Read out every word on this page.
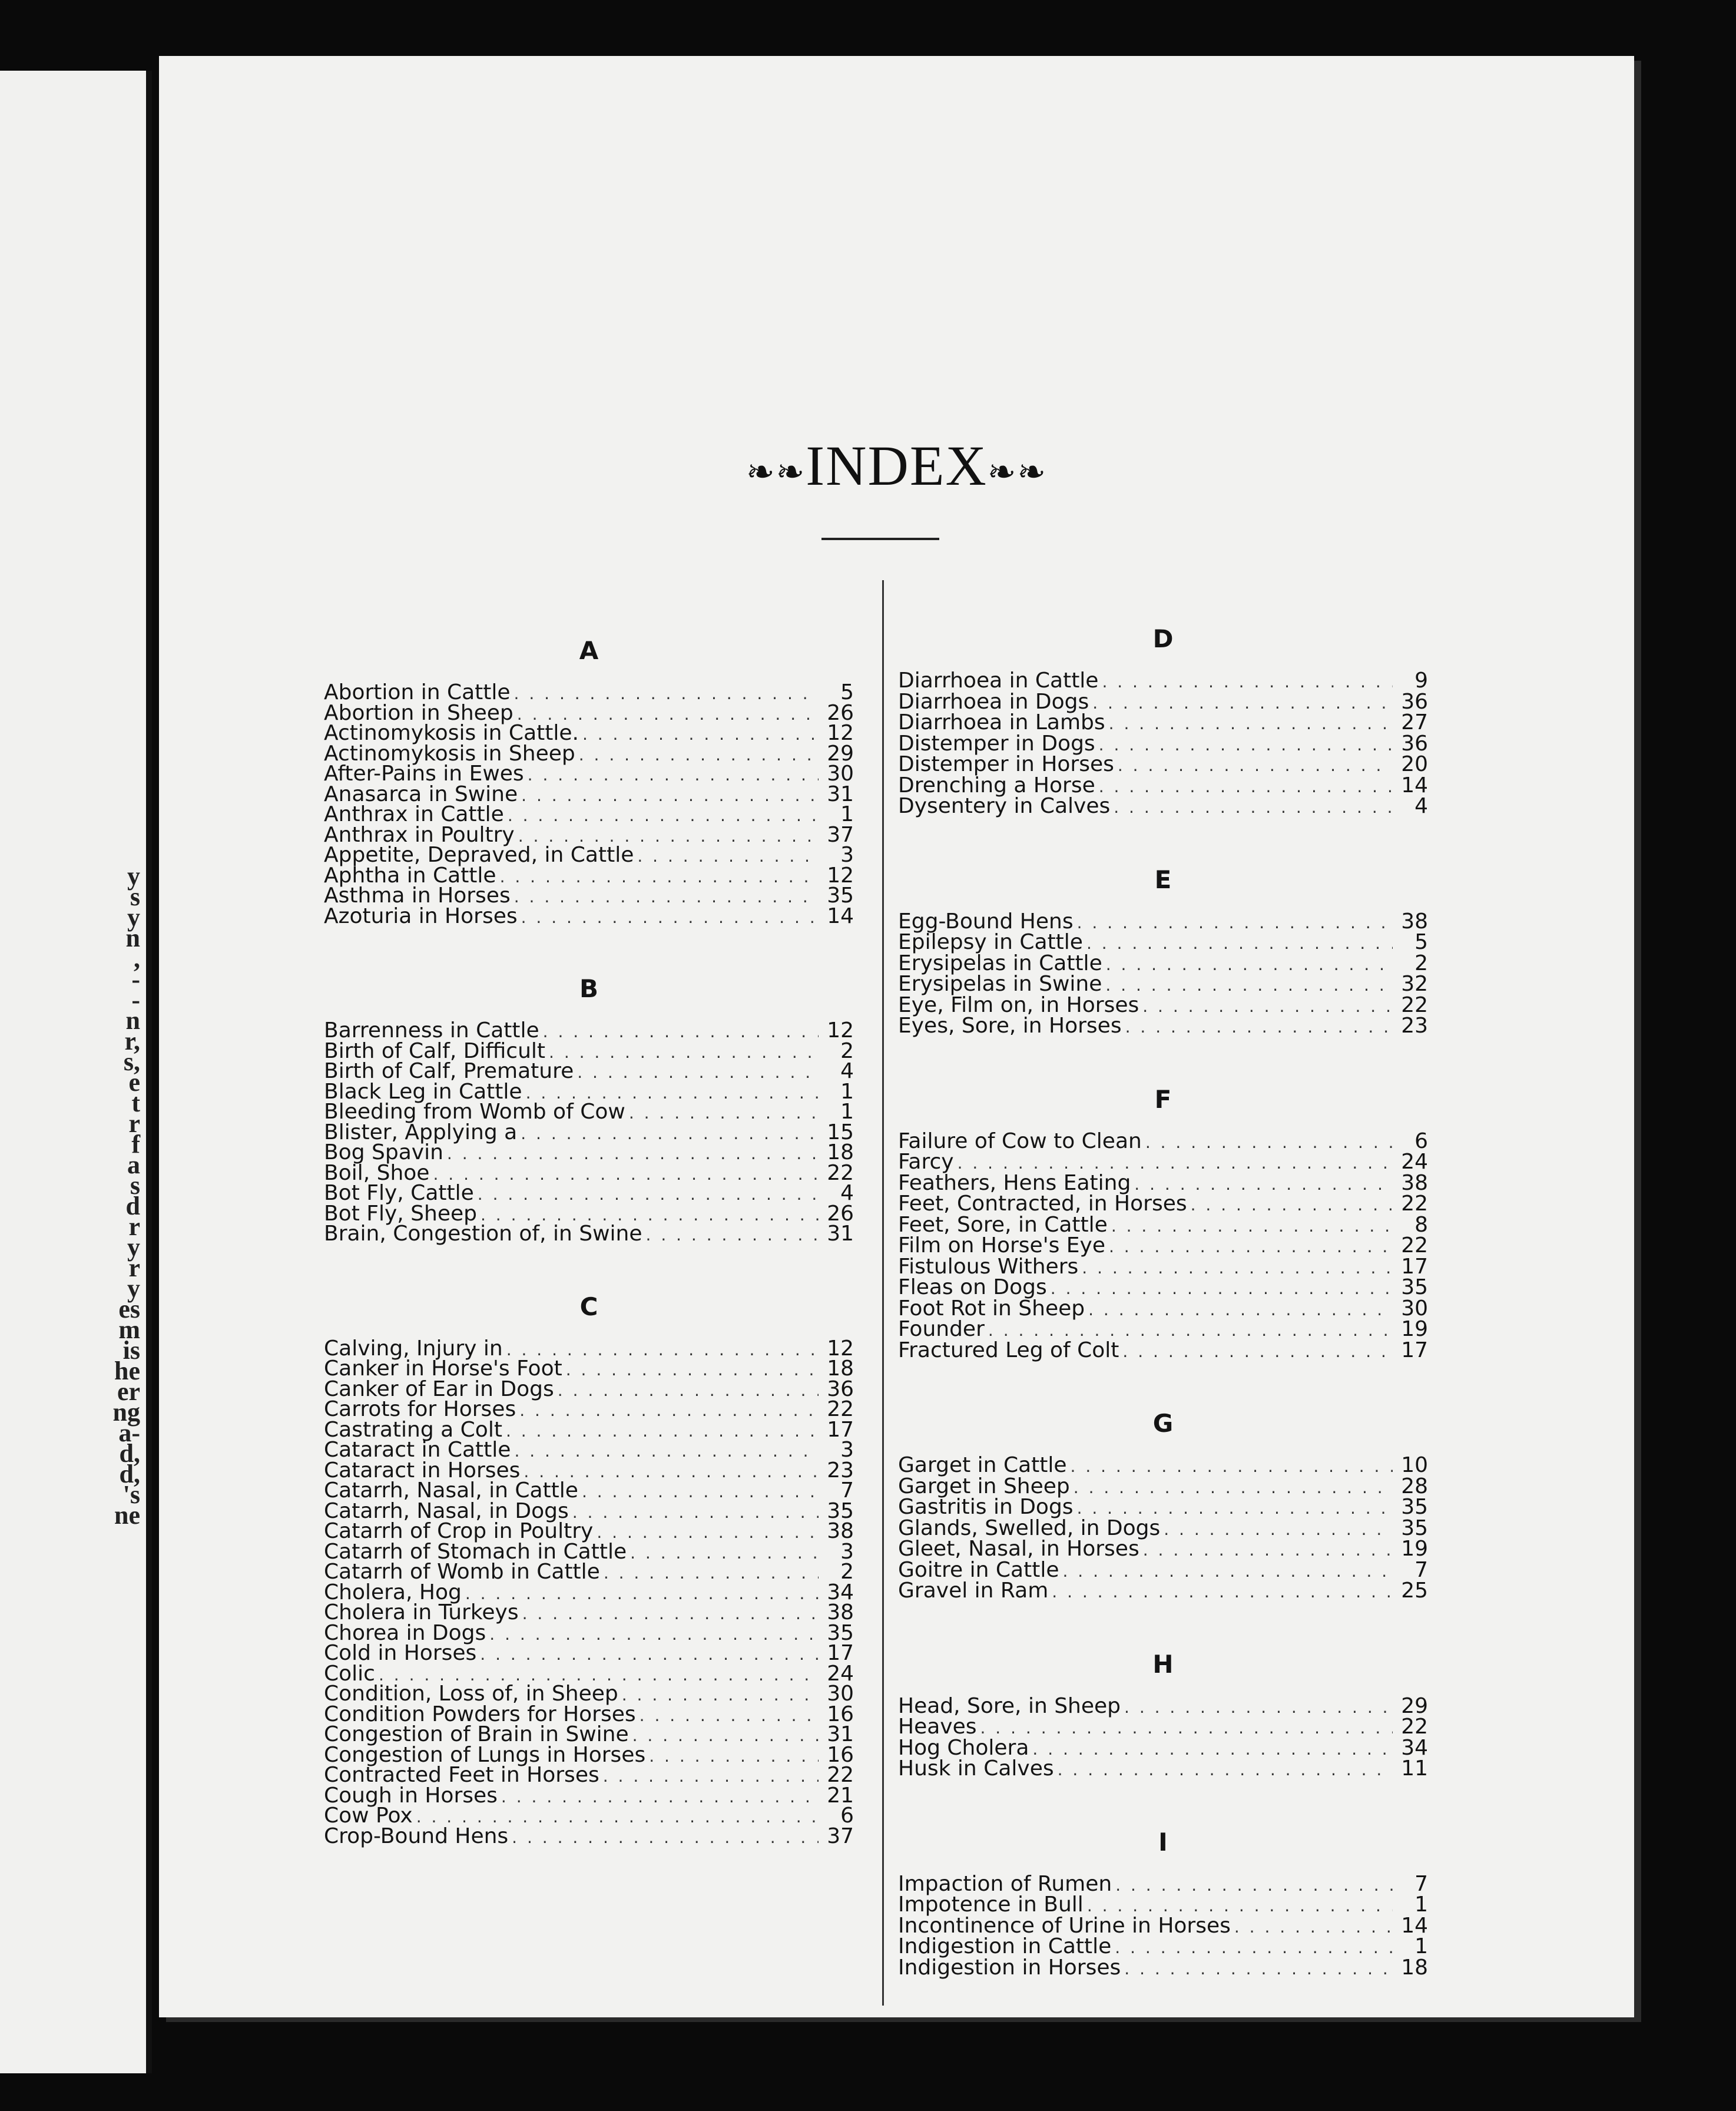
y
s
y
n
,
-
-
n
r,
s,
e
t
r
f
a
s
d
r
y
r
y
es
m
is
he
er
ng
a-
d,
d,
's
ne
❧❧INDEX❧❧
A
Abortion in Cattle . . .	5
Abortion in Sheep . . .	26
Actinomykosis in Cattle. . . .	12
Actinomykosis in Sheep . . .	29
After-Pains in Ewes . . .	30
Anasarca in Swine . . .	31
Anthrax in Cattle . . .	1
Anthrax in Poultry . . .	37
Appetite, Depraved, in Cattle . . .	3
Aphtha in Cattle . . .	12
Asthma in Horses . . .	35
Azoturia in Horses . . .	14
B
Barrenness in Cattle . . .	12
Birth of Calf, Difficult . . .	2
Birth of Calf, Premature . . .	4
Black Leg in Cattle . . .	1
Bleeding from Womb of Cow . . .	1
Blister, Applying a . . .	15
Bog Spavin . . .	18
Boil, Shoe . . .	22
Bot Fly, Cattle . . .	4
Bot Fly, Sheep . . .	26
Brain, Congestion of, in Swine . . .	31
C
Calving, Injury in . . .	12
Canker in Horse's Foot . . .	18
Canker of Ear in Dogs . . .	36
Carrots for Horses . . .	22
Castrating a Colt . . .	17
Cataract in Cattle . . .	3
Cataract in Horses . . .	23
Catarrh, Nasal, in Cattle . . .	7
Catarrh, Nasal, in Dogs . . .	35
Catarrh of Crop in Poultry . . .	38
Catarrh of Stomach in Cattle . . .	3
Catarrh of Womb in Cattle . . .	2
Cholera, Hog . . .	34
Cholera in Turkeys . . .	38
Chorea in Dogs . . .	35
Cold in Horses . . .	17
Colic . . .	24
Condition, Loss of, in Sheep . . .	30
Condition Powders for Horses . . .	16
Congestion of Brain in Swine . . .	31
Congestion of Lungs in Horses . . .	16
Contracted Feet in Horses . . .	22
Cough in Horses . . .	21
Cow Pox . . .	6
Crop-Bound Hens . . .	37
D
Diarrhoea in Cattle . . .	9
Diarrhoea in Dogs . . .	36
Diarrhoea in Lambs . . .	27
Distemper in Dogs . . .	36
Distemper in Horses . . .	20
Drenching a Horse . . .	14
Dysentery in Calves . . .	4
E
Egg-Bound Hens . . .	38
Epilepsy in Cattle . . .	5
Erysipelas in Cattle . . .	2
Erysipelas in Swine . . .	32
Eye, Film on, in Horses . . .	22
Eyes, Sore, in Horses . . .	23
F
Failure of Cow to Clean . . .	6
Farcy . . .	24
Feathers, Hens Eating . . .	38
Feet, Contracted, in Horses . . .	22
Feet, Sore, in Cattle . . .	8
Film on Horse's Eye . . .	22
Fistulous Withers . . .	17
Fleas on Dogs . . .	35
Foot Rot in Sheep . . .	30
Founder . . .	19
Fractured Leg of Colt . . .	17
G
Garget in Cattle . . .	10
Garget in Sheep . . .	28
Gastritis in Dogs . . .	35
Glands, Swelled, in Dogs . . .	35
Gleet, Nasal, in Horses . . .	19
Goitre in Cattle . . .	7
Gravel in Ram . . .	25
H
Head, Sore, in Sheep . . .	29
Heaves . . .	22
Hog Cholera . . .	34
Husk in Calves . . .	11
I
Impaction of Rumen . . .	7
Impotence in Bull . . .	1
Incontinence of Urine in Horses . . .	14
Indigestion in Cattle . . .	1
Indigestion in Horses . . .	18
